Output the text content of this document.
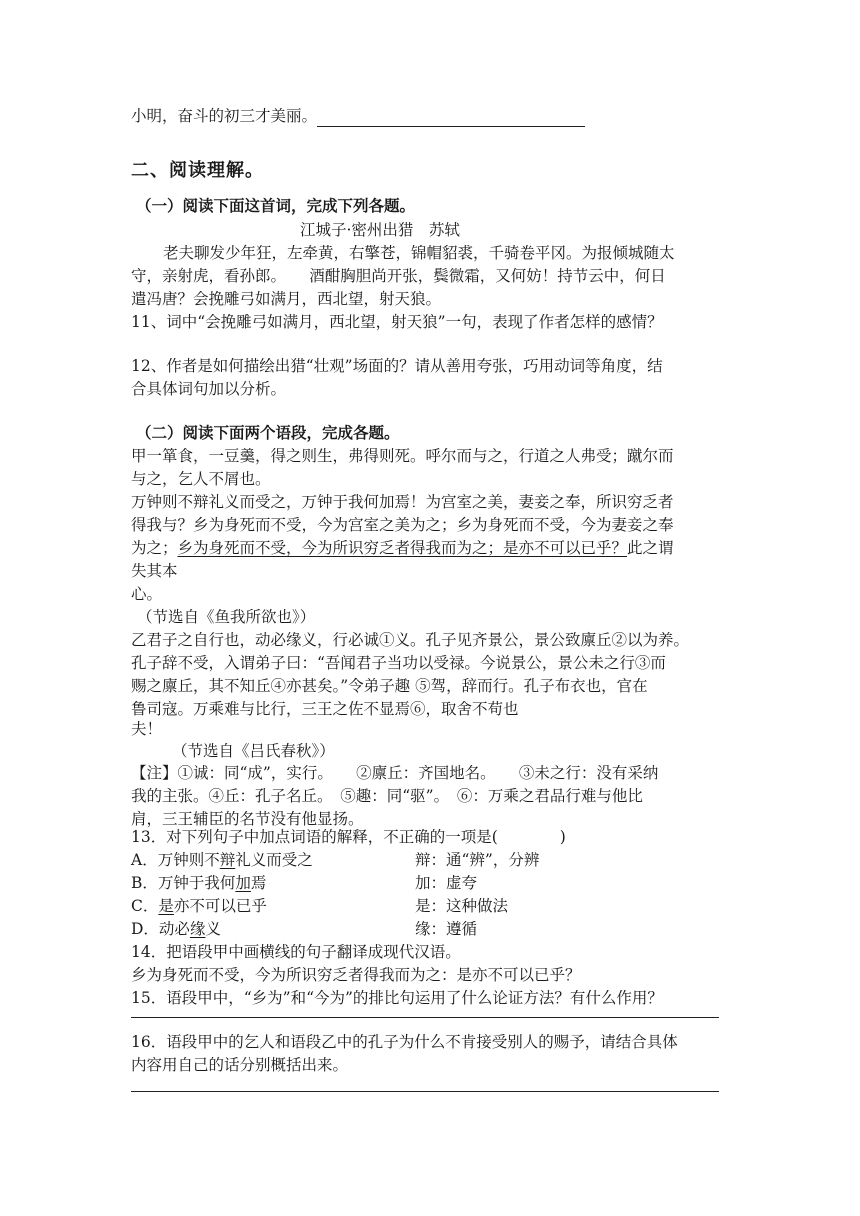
小明，奋斗的初三才美丽。
二、阅读理解。
（一）阅读下面这首词，完成下列各题。
江城子·密州出猎　苏轼
老夫聊发少年狂，左牵黄，右擎苍，锦帽貂裘，千骑卷平冈。为报倾城随太
守，亲射虎，看孙郎。　　酒酣胸胆尚开张，鬓微霜，又何妨！持节云中，何日
遣冯唐？会挽雕弓如满月，西北望，射天狼。
11、词中“会挽雕弓如满月，西北望，射天狼”一句，表现了作者怎样的感情？
12、作者是如何描绘出猎“壮观”场面的？请从善用夸张，巧用动词等角度，结
合具体词句加以分析。
（二）阅读下面两个语段，完成各题。
甲一箪食，一豆羹，得之则生，弗得则死。呼尔而与之，行道之人弗受；蹴尔而
与之，乞人不屑也。
万钟则不辩礼义而受之，万钟于我何加焉！为宫室之美，妻妾之奉，所识穷乏者
得我与？乡为身死而不受，今为宫室之美为之；乡为身死而不受，今为妻妾之奉
为之；乡为身死而不受，今为所识穷乏者得我而为之；是亦不可以已乎？此之谓
失其本
心。
（节选自《鱼我所欲也》）
乙君子之自行也，动必缘义，行必诚①义。孔子见齐景公，景公致廪丘②以为养。
孔子辞不受，入谓弟子曰：“吾闻君子当功以受禄。今说景公，景公未之行③而
赐之廪丘，其不知丘④亦甚矣。”令弟子趣 ⑤驾，辞而行。孔子布衣也，官在
鲁司寇。万乘难与比行，三王之佐不显焉⑥，取舍不苟也
夫！
（节选自《吕氏春秋》）
【注】①诚：同“成”，实行。　　②廪丘：齐国地名。　　③未之行：没有采纳
我的主张。④丘：孔子名丘。　⑤趣：同“驱”。　⑥：万乘之君品行难与他比
肩，三王辅臣的名节没有他显扬。
13．对下列句子中加点词语的解释，不正确的一项是(　　　　)
A．万钟则不辩礼义而受之	辩：通“辨”，分辨
B．万钟于我何加焉	加：虚夸
C．是亦不可以已乎	是：这种做法
D．动必缘义	缘：遵循
14．把语段甲中画横线的句子翻译成现代汉语。
乡为身死而不受，今为所识穷乏者得我而为之：是亦不可以已乎？
15．语段甲中，“乡为”和“今为”的排比句运用了什么论证方法？有什么作用？
16．语段甲中的乞人和语段乙中的孔子为什么不肯接受别人的赐予，请结合具体
内容用自己的话分别概括出来。
